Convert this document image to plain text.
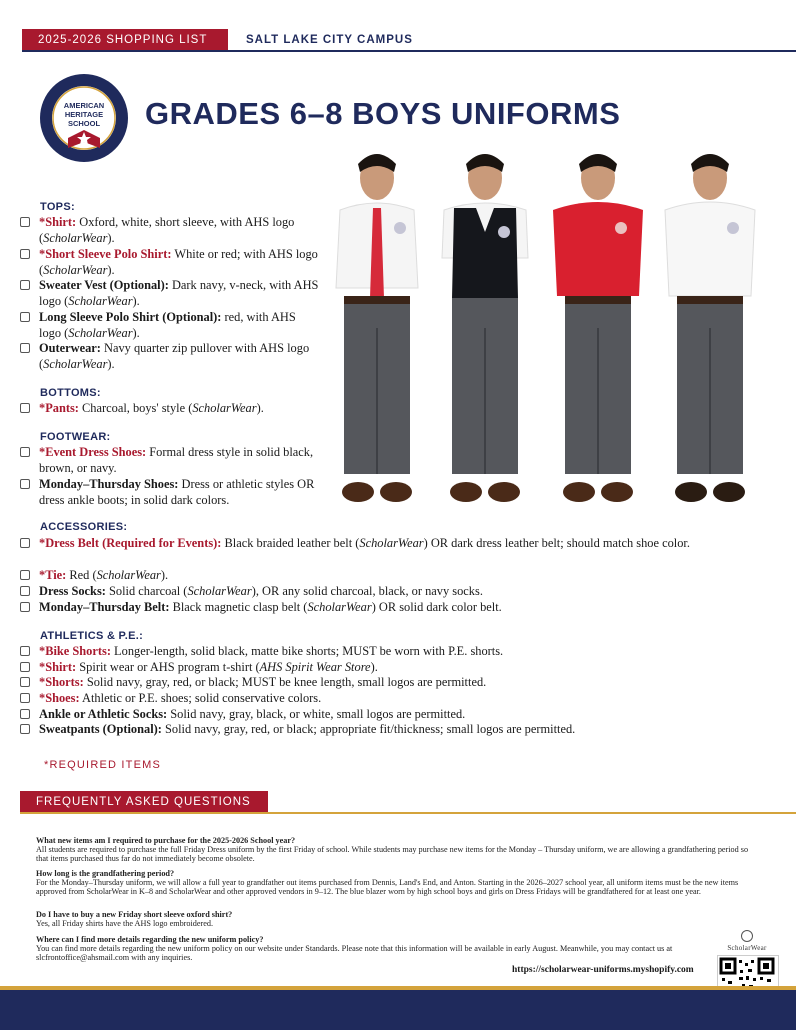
2025-2026 SHOPPING LIST	SALT LAKE CITY CAMPUS
AMERICAN
HERITAGE
SCHOOL	GRADES 6–8 BOYS UNIFORMS
TOPS:
*Shirt: Oxford, white, short sleeve, with AHS logo (ScholarWear).
*Short Sleeve Polo Shirt: White or red; with AHS logo (ScholarWear).
Sweater Vest (Optional): Dark navy, v-neck, with AHS logo (ScholarWear).
Long Sleeve Polo Shirt (Optional): red, with AHS logo (ScholarWear).
Outerwear: Navy quarter zip pullover with AHS logo (ScholarWear).
BOTTOMS:
*Pants: Charcoal, boys' style (ScholarWear).
FOOTWEAR:
*Event Dress Shoes: Formal dress style in solid black, brown, or navy.
Monday–Thursday Shoes: Dress or athletic styles OR dress ankle boots; in solid dark colors.
ACCESSORIES:
*Dress Belt (Required for Events): Black braided leather belt (ScholarWear) OR dark dress leather belt; should match shoe color.
*Tie: Red (ScholarWear).
Dress Socks: Solid charcoal (ScholarWear), OR any solid charcoal, black, or navy socks.
Monday–Thursday Belt: Black magnetic clasp belt (ScholarWear) OR solid dark color belt.
ATHLETICS & P.E.:
*Bike Shorts: Longer-length, solid black, matte bike shorts; MUST be worn with P.E. shorts.
*Shirt: Spirit wear or AHS program t-shirt (AHS Spirit Wear Store).
*Shorts: Solid navy, gray, red, or black; MUST be knee length, small logos are permitted.
*Shoes: Athletic or P.E. shoes; solid conservative colors.
Ankle or Athletic Socks: Solid navy, gray, black, or white, small logos are permitted.
Sweatpants (Optional): Solid navy, gray, red, or black; appropriate fit/thickness; small logos are permitted.
*REQUIRED ITEMS
FREQUENTLY ASKED QUESTIONS
What new items am I required to purchase for the 2025-2026 School year?
All students are required to purchase the full Friday Dress uniform by the first Friday of school. While students may purchase new items for the Monday – Thursday uniform, we are allowing a grandfathering period so that items purchased thus far do not immediately become obsolete.
How long is the grandfathering period?
For the Monday–Thursday uniform, we will allow a full year to grandfather out items purchased from Dennis, Land's End, and Anton. Starting in the 2026–2027 school year, all uniform items must be the new items approved from ScholarWear in K–8 and ScholarWear and other approved vendors in 9–12. The blue blazer worn by high school boys and girls on Dress Fridays will be grandfathered for at least one year.
Do I have to buy a new Friday short sleeve oxford shirt?
Yes, all Friday shirts have the AHS logo embroidered.
Where can I find more details regarding the new uniform policy?
You can find more details regarding the new uniform policy on our website under Standards. Please note that this information will be available in early August. Meanwhile, you may contact us at slcfrontoffice@ahsmail.com with any inquiries.
https://scholarwear-uniforms.myshopify.com
ScholarWear
